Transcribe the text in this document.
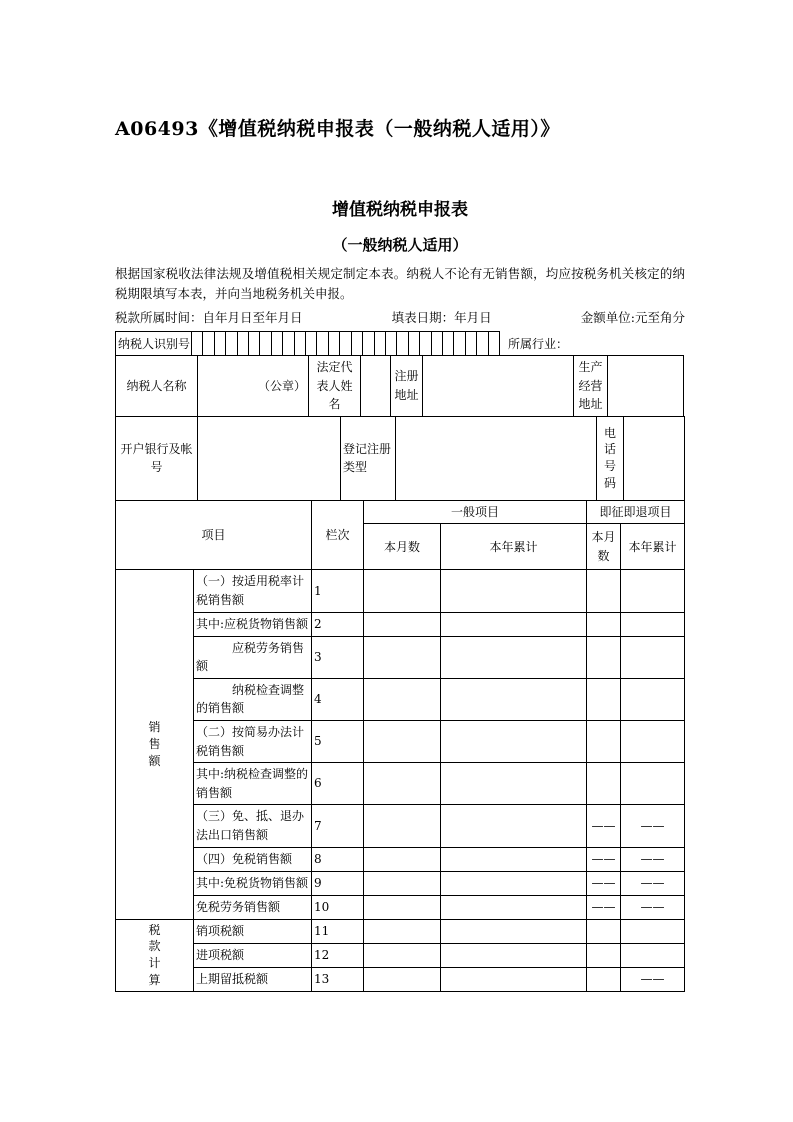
A06493《增值税纳税申报表（一般纳税人适用）》
增值税纳税申报表
（一般纳税人适用）

根据国家税收法律法规及增值税相关规定制定本表。纳税人不论有无销售额，均应按税务机关核定的纳税期限填写本表，并向当地税务机关申报。

税款所属时间：自年月日至年月日	填表日期：年月日	金额单位:元至角分
纳税人识别号	所属行业：
纳税人名称	（公章）	法定代表人姓名		注册地址		生产经营地址	
开户银行及帐号		登记注册类型		电话号码	
项目		栏次	一般项目		即征即退项目	
			本月数	本年累计	本月数	本年累计
销售额	（一）按适用税率计税销售额	1				
	其中:应税货物销售额	2				
	应税劳务销售额	3				
	纳税检查调整的销售额	4				
	（二）按简易办法计税销售额	5				
	其中:纳税检查调整的销售额	6				
	（三）免、抵、退办法出口销售额	7			——	——
	（四）免税销售额	8			——	——
	其中:免税货物销售额	9			——	——
	免税劳务销售额	10			——	——
税款计算	销项税额	11				
	进项税额	12				
	上期留抵税额	13				——
